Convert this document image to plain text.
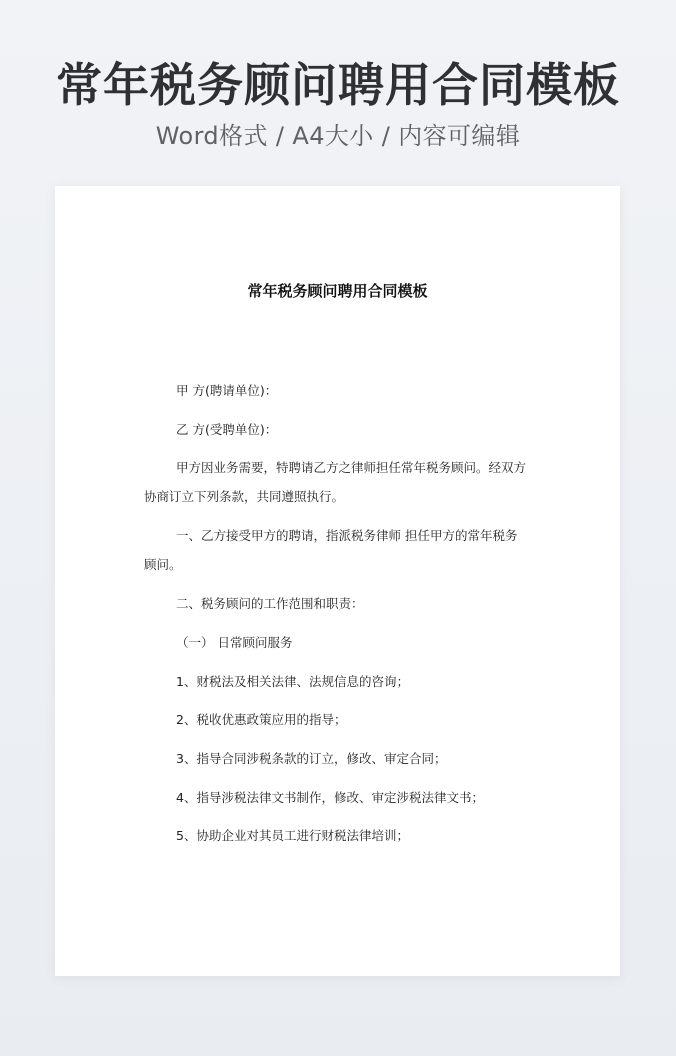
常年税务顾问聘用合同模板
Word格式 / A4大小 / 内容可编辑
常年税务顾问聘用合同模板
甲 方(聘请单位)：
乙 方(受聘单位)：
甲方因业务需要，特聘请乙方之律师担任常年税务顾问。经双方
协商订立下列条款，共同遵照执行。
一、乙方接受甲方的聘请，指派税务律师 担任甲方的常年税务
顾问。
二、税务顾问的工作范围和职责：
（一） 日常顾问服务
1、财税法及相关法律、法规信息的咨询；
2、税收优惠政策应用的指导；
3、指导合同涉税条款的订立，修改、审定合同；
4、指导涉税法律文书制作，修改、审定涉税法律文书；
5、协助企业对其员工进行财税法律培训；
